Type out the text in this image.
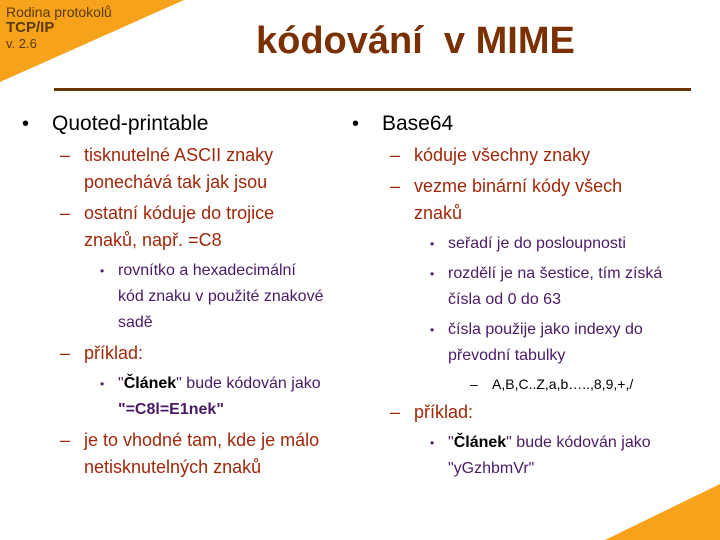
Rodina protokolů
TCP/IP
v. 2.6	kódování  v MIME
•	Quoted-printable
– tisknutelné ASCII znaky
ponechává tak jak jsou
– ostatní kóduje do trojice
znaků, např. =C8
• rovnítko a hexadecimální
kód znaku v použité znakové
sadě
– příklad:
• "Článek" bude kódován jako
"=C8l=E1nek"
– je to vhodné tam, kde je málo
netisknutelných znaků
•	Base64
– kóduje všechny znaky
– vezme binární kódy všech
znaků
• seřadí je do posloupnosti
• rozdělí je na šestice, tím získá
čísla od 0 do 63
• čísla použije jako indexy do
převodní tabulky
–	A,B,C..Z,a,b…..,8,9,+,/
– příklad:
• "Článek" bude kódován jako
"yGzhbmVr"
